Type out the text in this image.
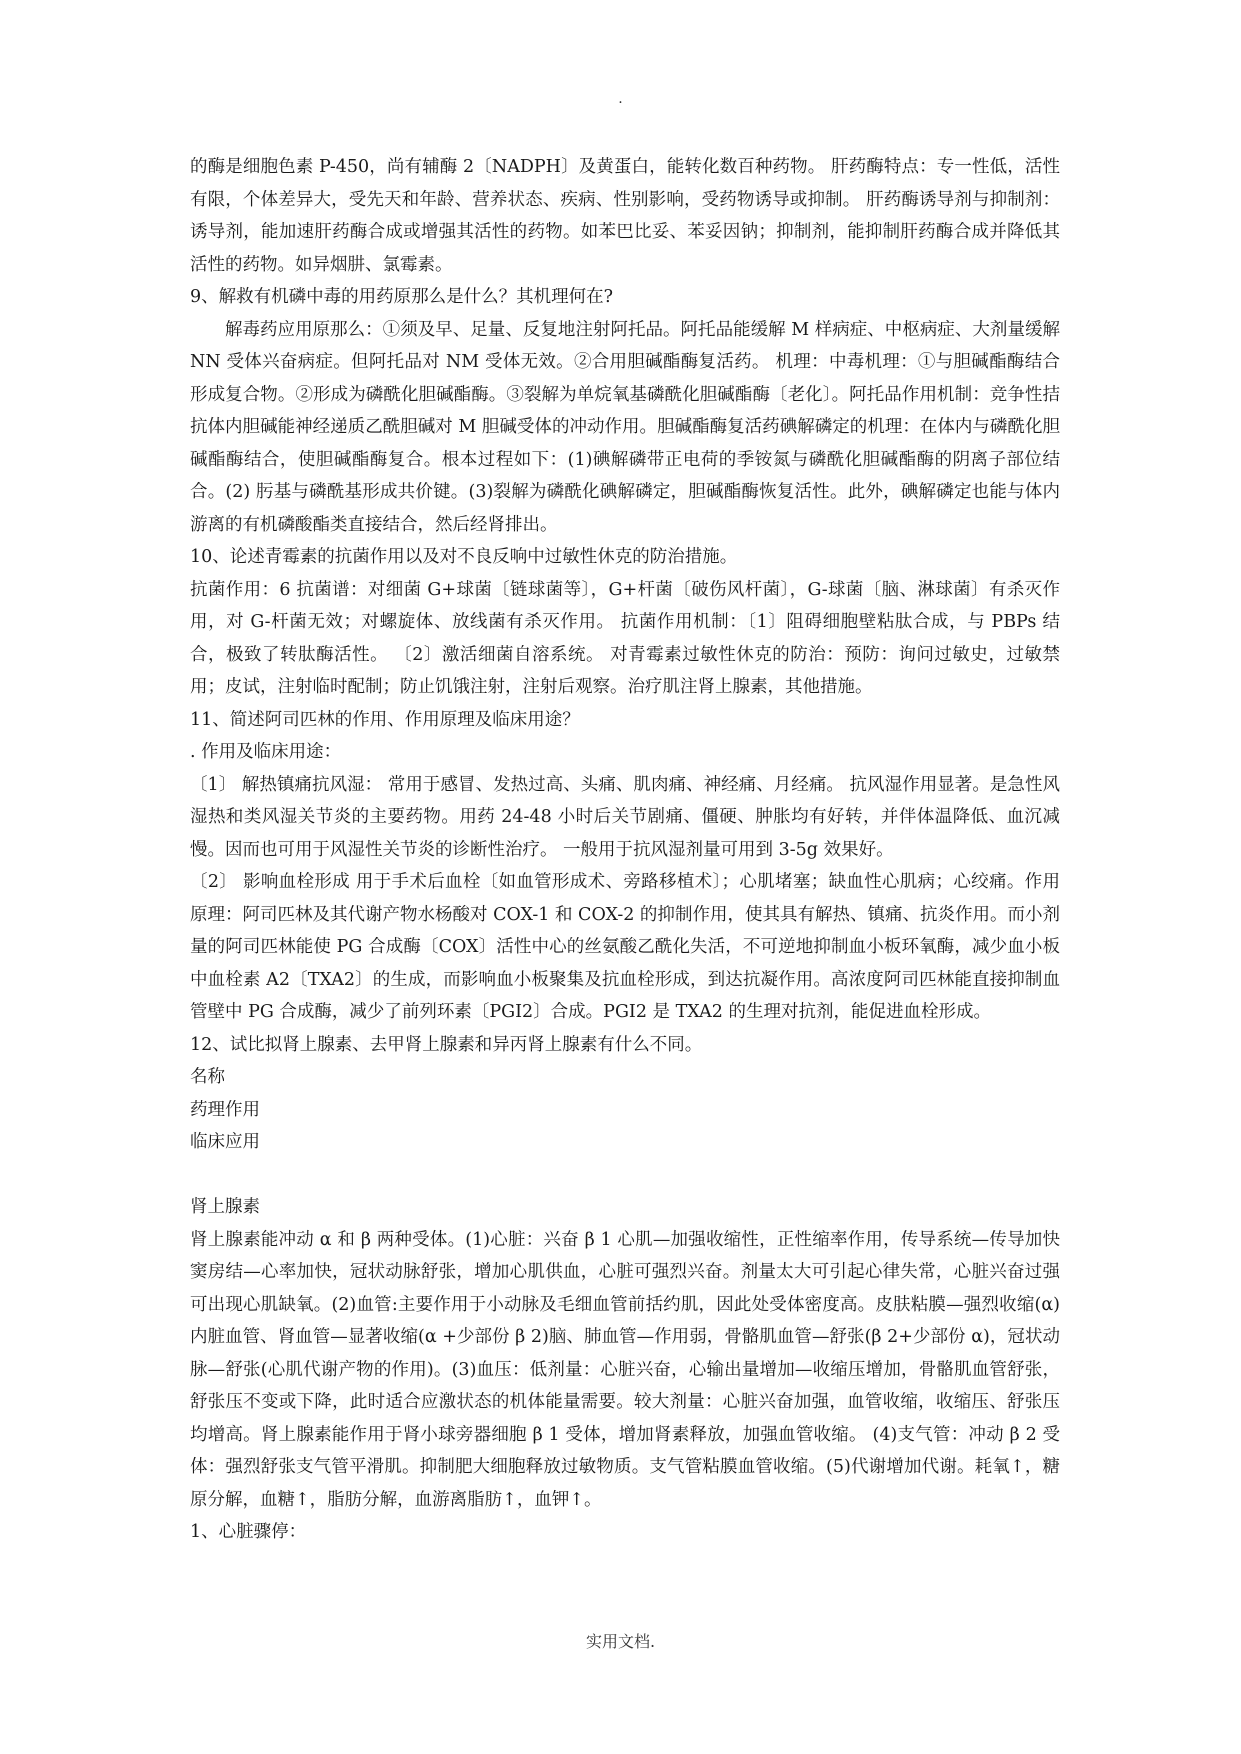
.

的酶是细胞色素 P-450，尚有辅酶 2〔NADPH〕及黄蛋白，能转化数百种药物。 肝药酶特点：专一性低，活性有限，个体差异大，受先天和年龄、营养状态、疾病、性别影响，受药物诱导或抑制。 肝药酶诱导剂与抑制剂：诱导剂，能加速肝药酶合成或增强其活性的药物。如苯巴比妥、苯妥因钠；抑制剂，能抑制肝药酶合成并降低其活性的药物。如异烟肼、氯霉素。

9、解救有机磷中毒的用药原那么是什么？其机理何在?

解毒药应用原那么：①须及早、足量、反复地注射阿托品。阿托品能缓解 M 样病症、中枢病症、大剂量缓解 NN 受体兴奋病症。但阿托品对 NM 受体无效。②合用胆碱酯酶复活药。 机理：中毒机理：①与胆碱酯酶结合形成复合物。②形成为磷酰化胆碱酯酶。③裂解为单烷氧基磷酰化胆碱酯酶〔老化〕。阿托品作用机制：竞争性拮抗体内胆碱能神经递质乙酰胆碱对 M 胆碱受体的冲动作用。胆碱酯酶复活药碘解磷定的机理：在体内与磷酰化胆碱酯酶结合，使胆碱酯酶复合。根本过程如下：(1)碘解磷带正电荷的季铵氮与磷酰化胆碱酯酶的阴离子部位结合。(2) 肟基与磷酰基形成共价键。(3)裂解为磷酰化碘解磷定，胆碱酯酶恢复活性。此外，碘解磷定也能与体内游离的有机磷酸酯类直接结合，然后经肾排出。

10、论述青霉素的抗菌作用以及对不良反响中过敏性休克的防治措施。

抗菌作用：6 抗菌谱：对细菌 G+球菌〔链球菌等〕，G+杆菌〔破伤风杆菌〕，G-球菌〔脑、淋球菌〕有杀灭作用，对 G-杆菌无效；对螺旋体、放线菌有杀灭作用。 抗菌作用机制：〔1〕阻碍细胞壁粘肽合成，与 PBPs 结合，极致了转肽酶活性。 〔2〕激活细菌自溶系统。 对青霉素过敏性休克的防治：预防：询问过敏史，过敏禁用；皮试，注射临时配制；防止饥饿注射，注射后观察。治疗肌注肾上腺素，其他措施。

11、简述阿司匹林的作用、作用原理及临床用途？

. 作用及临床用途：

〔1〕 解热镇痛抗风湿： 常用于感冒、发热过高、头痛、肌肉痛、神经痛、月经痛。 抗风湿作用显著。是急性风湿热和类风湿关节炎的主要药物。用药 24-48 小时后关节剧痛、僵硬、肿胀均有好转，并伴体温降低、血沉减慢。因而也可用于风湿性关节炎的诊断性治疗。 一般用于抗风湿剂量可用到 3-5g 效果好。

〔2〕 影响血栓形成 用于手术后血栓〔如血管形成术、旁路移植术〕；心肌堵塞；缺血性心肌病；心绞痛。作用原理：阿司匹林及其代谢产物水杨酸对 COX-1 和 COX-2 的抑制作用，使其具有解热、镇痛、抗炎作用。而小剂量的阿司匹林能使 PG 合成酶〔COX〕活性中心的丝氨酸乙酰化失活，不可逆地抑制血小板环氧酶，减少血小板中血栓素 A2〔TXA2〕的生成，而影响血小板聚集及抗血栓形成，到达抗凝作用。高浓度阿司匹林能直接抑制血管壁中 PG 合成酶，减少了前列环素〔PGI2〕合成。PGI2 是 TXA2 的生理对抗剂，能促进血栓形成。

12、试比拟肾上腺素、去甲肾上腺素和异丙肾上腺素有什么不同。

名称

药理作用

临床应用

肾上腺素

肾上腺素能冲动 α 和 β 两种受体。(1)心脏：兴奋 β 1 心肌—加强收缩性，正性缩率作用，传导系统—传导加快 窦房结—心率加快，冠状动脉舒张，增加心肌供血，心脏可强烈兴奋。剂量太大可引起心律失常，心脏兴奋过强可出现心肌缺氧。(2)血管:主要作用于小动脉及毛细血管前括约肌，因此处受体密度高。皮肤粘膜—强烈收缩(α)内脏血管、肾血管—显著收缩(α +少部份 β 2)脑、肺血管—作用弱，骨骼肌血管—舒张(β 2+少部份 α)，冠状动脉—舒张(心肌代谢产物的作用)。(3)血压：低剂量：心脏兴奋，心输出量增加—收缩压增加，骨骼肌血管舒张，舒张压不变或下降，此时适合应激状态的机体能量需要。较大剂量：心脏兴奋加强，血管收缩，收缩压、舒张压均增高。肾上腺素能作用于肾小球旁器细胞 β 1 受体，增加肾素释放，加强血管收缩。 (4)支气管：冲动 β 2 受体：强烈舒张支气管平滑肌。抑制肥大细胞释放过敏物质。支气管粘膜血管收缩。(5)代谢增加代谢。耗氧↑，糖原分解，血糖↑，脂肪分解，血游离脂肪↑，血钾↑。

1、心脏骤停：

实用文档.
